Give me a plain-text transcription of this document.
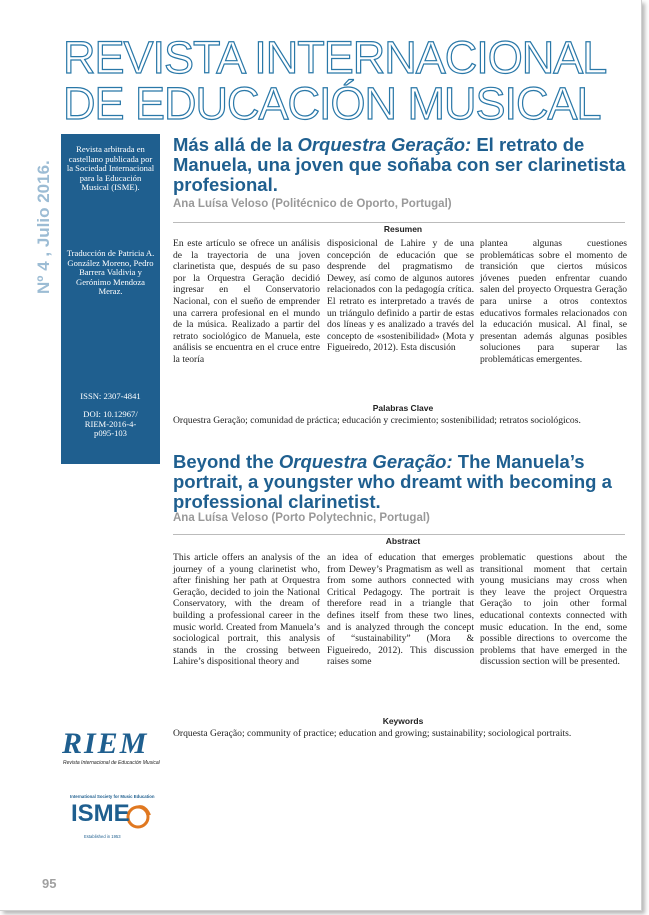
REVISTA INTERNACIONAL
DE EDUCACIÓN MUSICAL
Nº 4 , Julio 2016.
Revista arbitrada en castellano publicada por la Sociedad Internacional para la Educación Musical (ISME).
Traducción de Patricia A. González Moreno, Pedro Barrera Valdivia y Gerónimo Mendoza Meraz.
ISSN: 2307-4841
DOI: 10.12967/
RIEM-2016-4-
p095-103
Más allá de la Orquestra Geração: El retrato de Manuela, una joven que soñaba con ser clarinetista profesional.
Ana Luísa Veloso (Politécnico de Oporto, Portugal)
Resumen
En este artículo se ofrece un análisis de la trayectoria de una joven clarinetista que, después de su paso por la Orquestra Geração decidió ingresar en el Conservatorio Nacional, con el sueño de emprender una carrera profesional en el mundo de la música. Realizado a partir del retrato sociológico de Manuela, este análisis se encuentra en el cruce entre la teoría
disposicional de Lahire y de una concepción de educación que se desprende del pragmatismo de Dewey, así como de algunos autores relacionados con la pedagogía crítica. El retrato es interpretado a través de un triángulo definido a partir de estas dos líneas y es analizado a través del concepto de «sostenibilidad» (Mota y Figueiredo, 2012). Esta discusión
plantea algunas cuestiones problemáticas sobre el momento de transición que ciertos músicos jóvenes pueden enfrentar cuando salen del proyecto Orquestra Geração para unirse a otros contextos educativos formales relacionados con la educación musical. Al final, se presentan además algunas posibles soluciones para superar las problemáticas emergentes.
Palabras Clave
Orquestra Geração; comunidad de práctica; educación y crecimiento; sostenibilidad; retratos sociológicos.
Beyond the Orquestra Geração: The Manuela’s portrait, a youngster who dreamt with becoming a professional clarinetist.
Ana Luísa Veloso (Porto Polytechnic, Portugal)
Abstract
This article offers an analysis of the journey of a young clarinetist who, after finishing her path at Orquestra Geração, decided to join the National Conservatory, with the dream of building a professional career in the music world. Created from Manuela’s sociological portrait, this analysis stands in the crossing between Lahire’s dispositional theory and
an idea of education that emerges from Dewey’s Pragmatism as well as from some authors connected with Critical Pedagogy. The portrait is therefore read in a triangle that defines itself from these two lines, and is analyzed through the concept of “sustainability” (Mora & Figueiredo, 2012). This discussion raises some
problematic questions about the transitional moment that certain young musicians may cross when they leave the project Orquestra Geração to join other formal educational contexts connected with music education. In the end, some possible directions to overcome the problems that have emerged in the discussion section will be presented.
Keywords
Orquesta Geração; community of practice; education and growing; sustainability; sociological portraits.
RIEM
Revista Internacional de Educación Musical
International Society for Music Education
ISME
Established in 1953
95
